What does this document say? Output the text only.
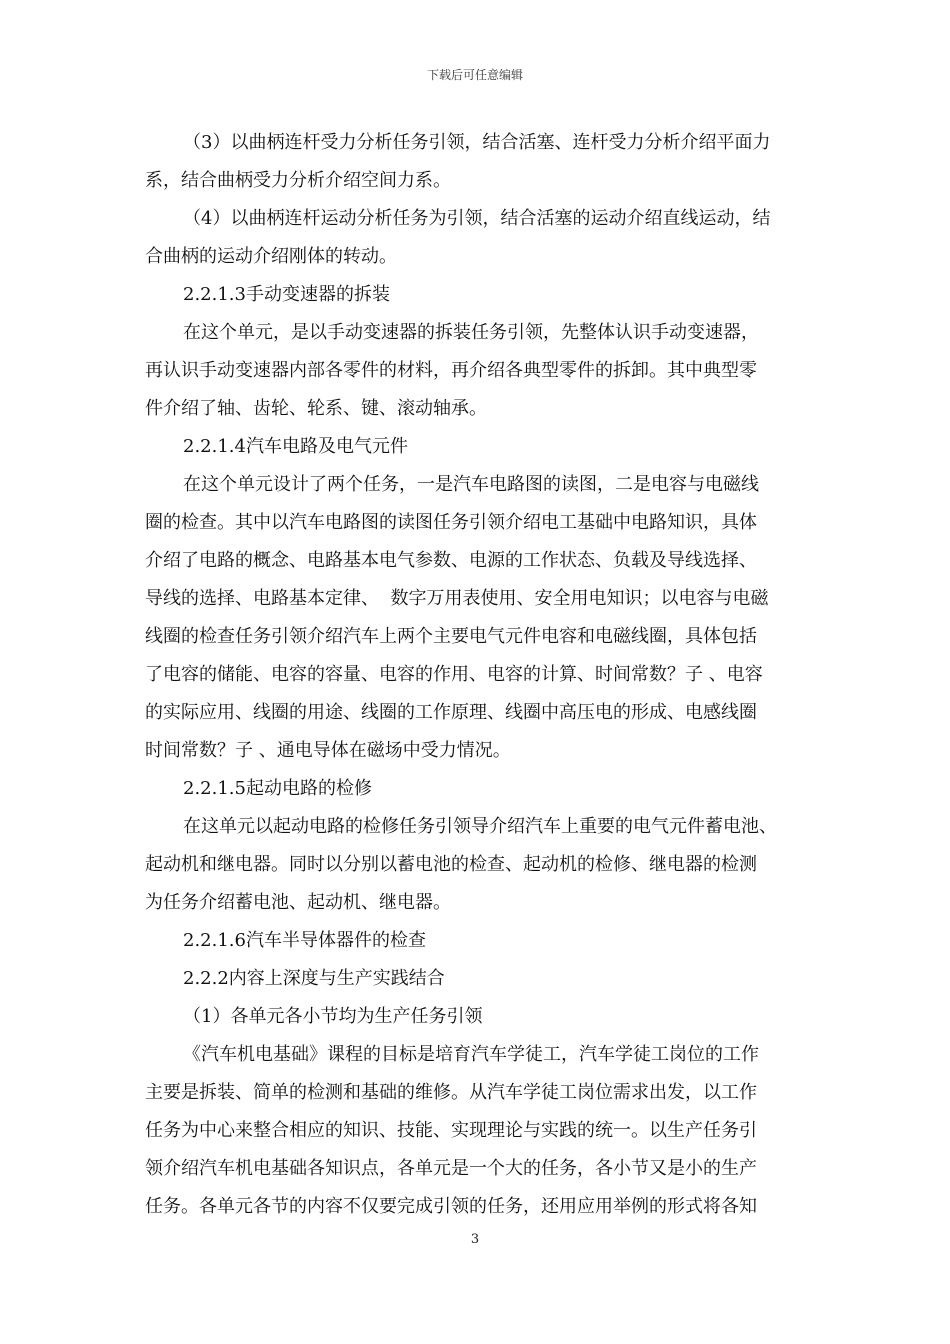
下载后可任意编辑
（3）以曲柄连杆受力分析任务引领，结合活塞、连杆受力分析介绍平面力
系，结合曲柄受力分析介绍空间力系。
（4）以曲柄连杆运动分析任务为引领，结合活塞的运动介绍直线运动，结
合曲柄的运动介绍刚体的转动。
2.2.1.3手动变速器的拆装
在这个单元，是以手动变速器的拆装任务引领，先整体认识手动变速器，
再认识手动变速器内部各零件的材料，再介绍各典型零件的拆卸。其中典型零
件介绍了轴、齿轮、轮系、键、滚动轴承。
2.2.1.4汽车电路及电气元件
在这个单元设计了两个任务，一是汽车电路图的读图，二是电容与电磁线
圈的检查。其中以汽车电路图的读图任务引领介绍电工基础中电路知识，具体
介绍了电路的概念、电路基本电气参数、电源的工作状态、负载及导线选择、
导线的选择、电路基本定律、  数字万用表使用、安全用电知识；以电容与电磁
线圈的检查任务引领介绍汽车上两个主要电气元件电容和电磁线圈，具体包括
了电容的储能、电容的容量、电容的作用、电容的计算、时间常数？子 、电容
的实际应用、线圈的用途、线圈的工作原理、线圈中高压电的形成、电感线圈
时间常数？子 、通电导体在磁场中受力情况。
2.2.1.5起动电路的检修
在这单元以起动电路的检修任务引领导介绍汽车上重要的电气元件蓄电池、
起动机和继电器。同时以分别以蓄电池的检查、起动机的检修、继电器的检测
为任务介绍蓄电池、起动机、继电器。
2.2.1.6汽车半导体器件的检查
2.2.2内容上深度与生产实践结合
（1）各单元各小节均为生产任务引领
《汽车机电基础》课程的目标是培育汽车学徒工，汽车学徒工岗位的工作
主要是拆装、简单的检测和基础的维修。从汽车学徒工岗位需求出发，以工作
任务为中心来整合相应的知识、技能、实现理论与实践的统一。以生产任务引
领介绍汽车机电基础各知识点，各单元是一个大的任务，各小节又是小的生产
任务。各单元各节的内容不仅要完成引领的任务，还用应用举例的形式将各知
3
